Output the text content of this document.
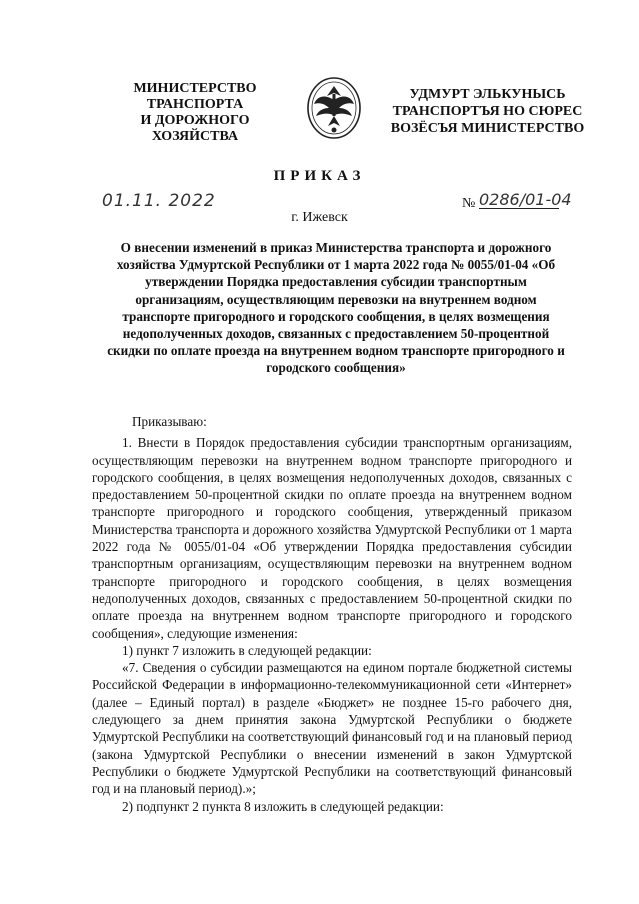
МИНИСТЕРСТВО
ТРАНСПОРТА
И ДОРОЖНОГО
ХОЗЯЙСТВА
УДМУРТ ЭЛЬКУНЫСЬ
ТРАНСПОРТЪЯ НО СЮРЕС
ВОЗЁСЪЯ МИНИСТЕРСТВО
ПРИКАЗ
01.11. 2022	№ 0286/01-04
г. Ижевск
О внесении изменений в приказ Министерства транспорта и дорожного хозяйства Удмуртской Республики от 1 марта 2022 года № 0055/01-04 «Об утверждении Порядка предоставления субсидии транспортным организациям, осуществляющим перевозки на внутреннем водном транспорте пригородного и городского сообщения, в целях возмещения недополученных доходов, связанных с предоставлением 50-процентной скидки по оплате проезда на внутреннем водном транспорте пригородного и городского сообщения»

Приказываю:

1. Внести в Порядок предоставления субсидии транспортным организациям, осуществляющим перевозки на внутреннем водном транспорте пригородного и городского сообщения, в целях возмещения недополученных доходов, связанных с предоставлением 50-процентной скидки по оплате проезда на внутреннем водном транспорте пригородного и городского сообщения, утвержденный приказом Министерства транспорта и дорожного хозяйства Удмуртской Республики от 1 марта 2022 года № 0055/01-04 «Об утверждении Порядка предоставления субсидии транспортным организациям, осуществляющим перевозки на внутреннем водном транспорте пригородного и городского сообщения, в целях возмещения недополученных доходов, связанных с предоставлением 50-процентной скидки по оплате проезда на внутреннем водном транспорте пригородного и городского сообщения», следующие изменения:

1) пункт 7 изложить в следующей редакции:

«7. Сведения о субсидии размещаются на едином портале бюджетной системы Российской Федерации в информационно-телекоммуникационной сети «Интернет» (далее – Единый портал) в разделе «Бюджет» не позднее 15-го рабочего дня, следующего за днем принятия закона Удмуртской Республики о бюджете Удмуртской Республики на соответствующий финансовый год и на плановый период (закона Удмуртской Республики о внесении изменений в закон Удмуртской Республики о бюджете Удмуртской Республики на соответствующий финансовый год и на плановый период).»;

2) подпункт 2 пункта 8 изложить в следующей редакции:
